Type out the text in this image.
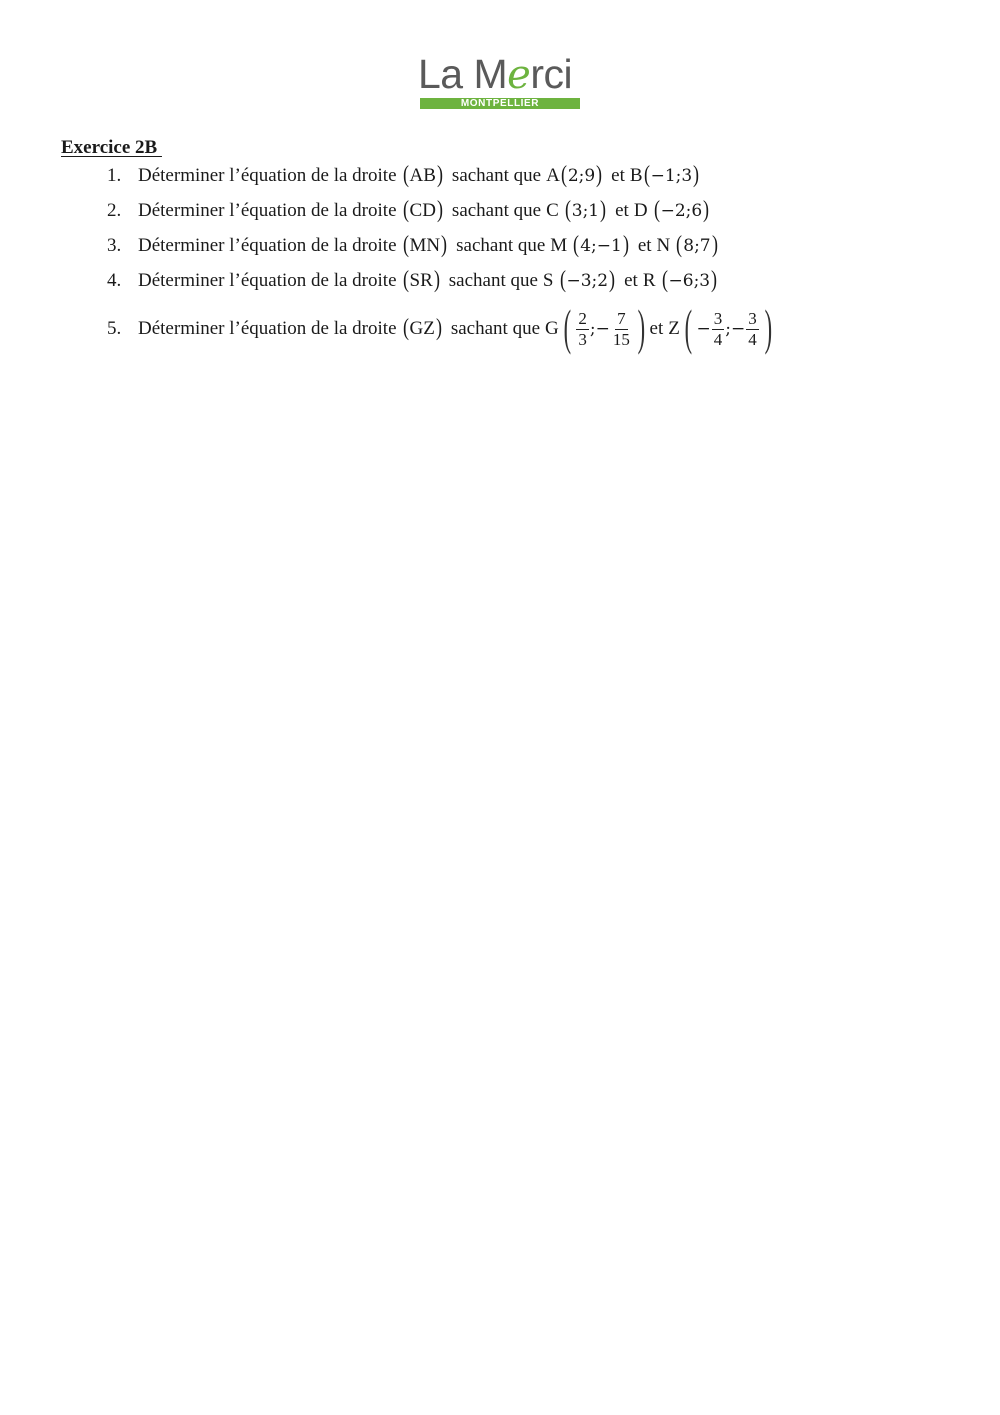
La Merci
MONTPELLIER
Exercice 2B
1. Déterminer l’équation de la droite ( AB ) sachant que A ( 2;9 ) et B ( −1;3 )
2. Déterminer l’équation de la droite ( CD ) sachant que C ( 3;1 ) et D ( −2;6 )
3. Déterminer l’équation de la droite ( MN ) sachant que M ( 4;−1 ) et N ( 8;7 )
4. Déterminer l’équation de la droite ( SR ) sachant que S ( −3;2 ) et R ( −6;3 )
5. Déterminer l’équation de la droite ( GZ ) sachant que G ( $\frac{2}{3}$ ;− $\frac{7}{15}$ ) et Z ( − $\frac{3}{4}$ ;− $\frac{3}{4}$ )
